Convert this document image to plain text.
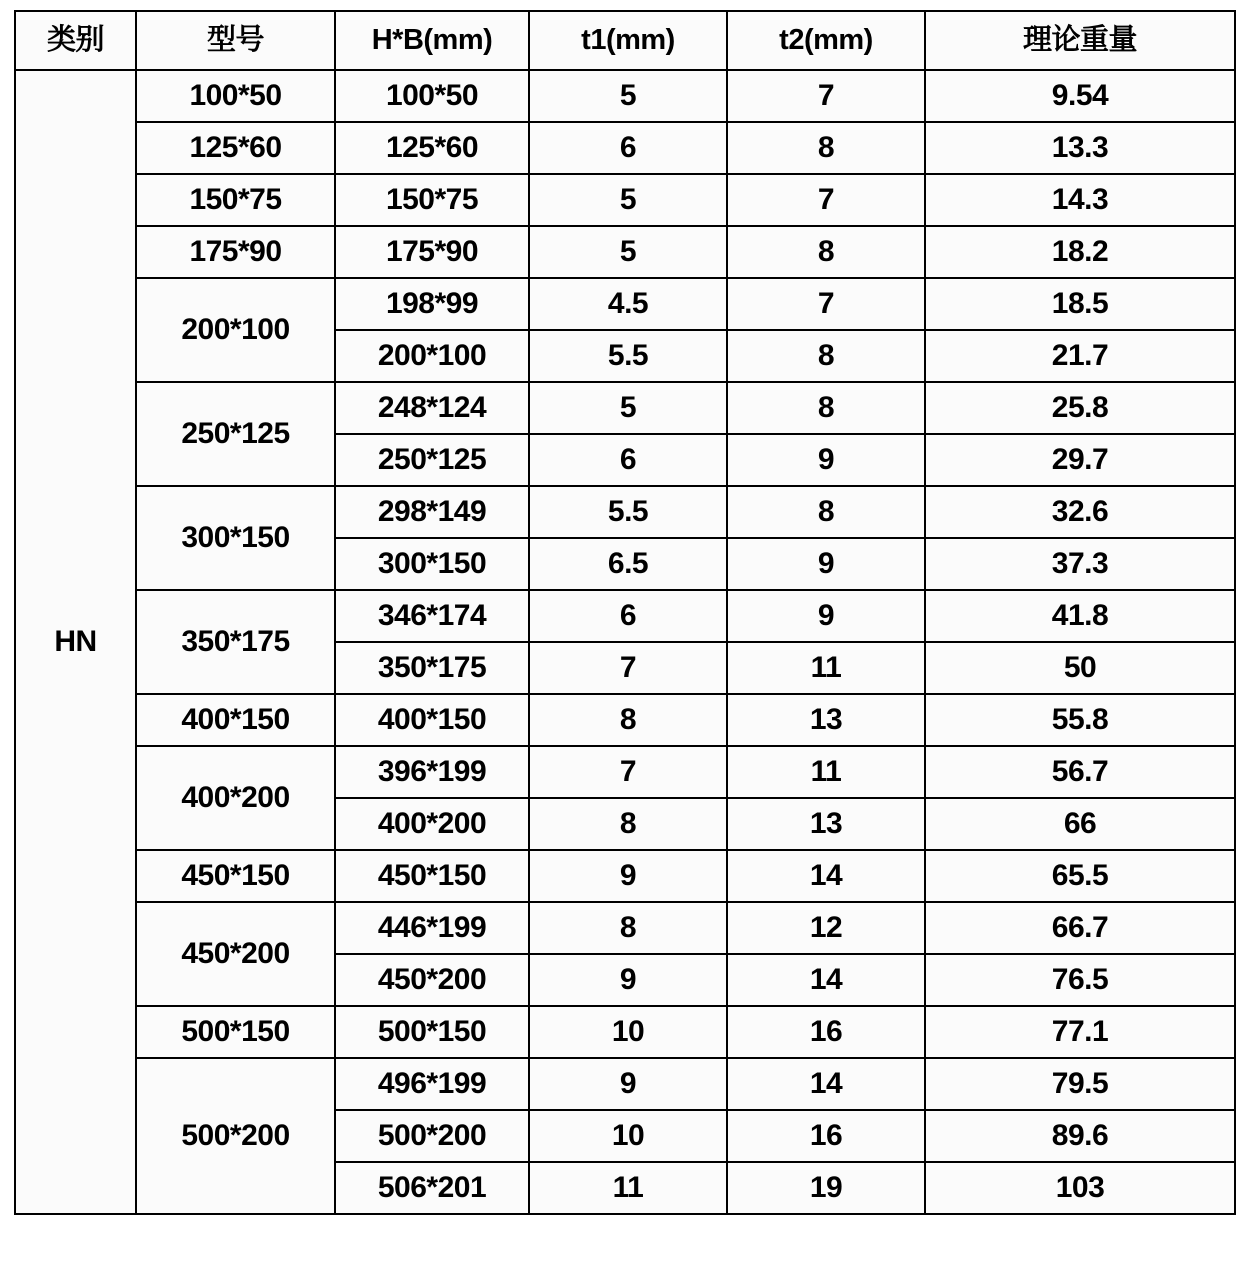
类别	型号	H*B(mm)	t1(mm)	t2(mm)	理论重量
HN	100*50	100*50	5	7	9.54
	125*60	125*60	6	8	13.3
	150*75	150*75	5	7	14.3
	175*90	175*90	5	8	18.2
	200*100	198*99	4.5	7	18.5
		200*100	5.5	8	21.7
	250*125	248*124	5	8	25.8
		250*125	6	9	29.7
	300*150	298*149	5.5	8	32.6
		300*150	6.5	9	37.3
	350*175	346*174	6	9	41.8
		350*175	7	11	50
	400*150	400*150	8	13	55.8
	400*200	396*199	7	11	56.7
		400*200	8	13	66
	450*150	450*150	9	14	65.5
	450*200	446*199	8	12	66.7
		450*200	9	14	76.5
	500*150	500*150	10	16	77.1
	500*200	496*199	9	14	79.5
		500*200	10	16	89.6
		506*201	11	19	103
